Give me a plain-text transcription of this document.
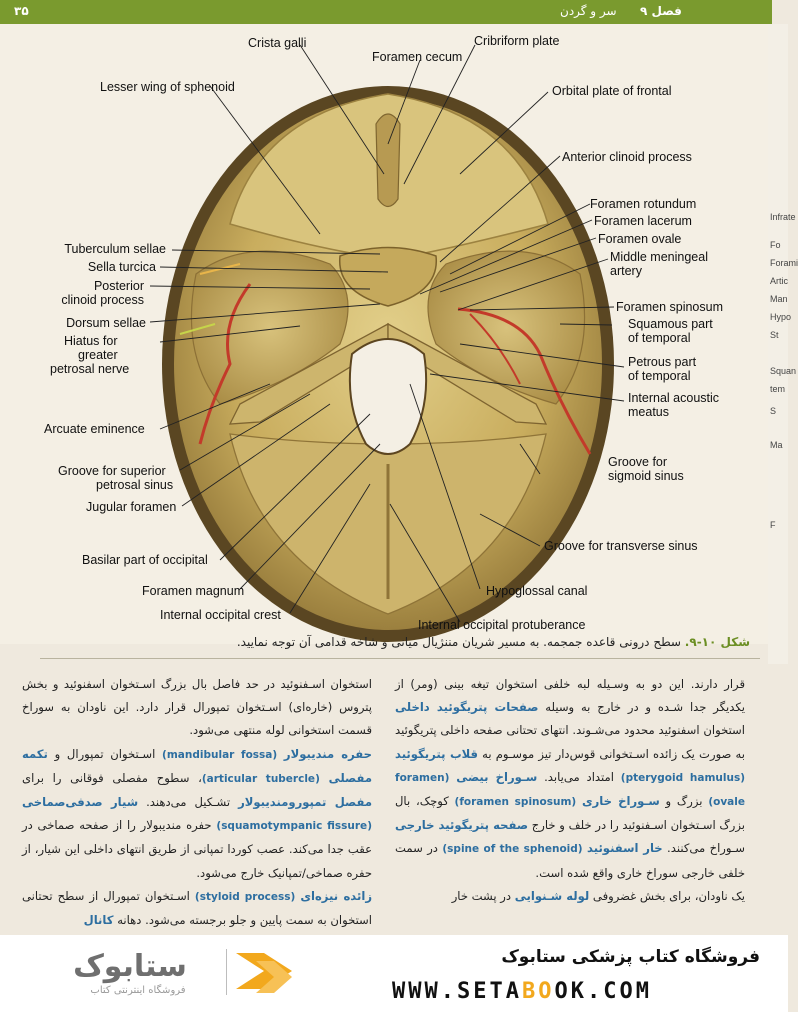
فصل ۹
سر و گردن
۳۵
Infrate
Fo
Forami
Artic
Man
Hypo
St
Squan
tem
S
Ma
F
Crista galli
Foramen cecum
Cribriform plate
Lesser wing of sphenoid	Orbital plate of frontal
Anterior clinoid process
Foramen rotundum
Foramen lacerum
Foramen ovale
Middle meningeal
artery
Tuberculum sellae
Sella turcica
Posterior
clinoid process
Dorsum sellae
Foramen spinosum
Squamous part
of temporal
Hiatus for
greater
petrosal nerve	Petrous part
of temporal
Internal acoustic
meatus
Arcuate eminence
Groove for
sigmoid sinus
Groove for superior
petrosal sinus
Jugular foramen
Groove for transverse sinus
Basilar part of occipital
Foramen magnum	Hypoglossal canal
Internal occipital crest
Internal occipital protuberance
شکل ۱۰-۹. سطح درونی قاعده جمجمه. به مسیر شریان مننژیال میانی و شاخه قدامی آن توجه نمایید.

قرار دارند. این دو به وسـیله لبه خلفی استخوان تیغه بینی (ومر) از یکدیگر جدا شـده و در خارج به وسیله صفحات پتریگوئید داخلی استخوان اسفنوئید محدود می‌شـوند. انتهای تحتانی صفحه داخلی پتریگوئید به صورت یک زائده اسـتخوانی قوس‌دار تیز موسـوم به قلاب پتریگوئید (pterygoid hamulus) امتداد می‌یابد. سـوراخ بیضی (foramen ovale) بزرگ و سـوراخ خاری (foramen spinosum) کوچک، بال بزرگ اسـتخوان اسـفنوئید را در خلف و خارج صفحه پتریگوئید خارجی سـوراخ می‌کنند. خار اسفنوئید (spine of the sphenoid) در سمت خلفی خارجی سوراخ خاری واقع شده است.
یک ناودان، برای بخش غضروفی لوله شـنوایی در پشت خار

استخوان اسـفنوئید در حد فاصل بال بزرگ اسـتخوان اسفنوئید و بخش پتروس (خاره‌ای) اسـتخوان تمپورال قرار دارد. این ناودان به سوراخ قسمت استخوانی لوله منتهی می‌شود.
حفره مندیبولار (mandibular fossa) اسـتخوان تمپورال و تکمه مفصلی (articular tubercle)، سطوح مفصلی فوقانی را برای مفصل تمپورومندیبولار تشـکیل می‌دهند. شیار صدفی‌صماخی (squamotympanic fissure) حفره مندیبولار را از صفحه صماخی در عقب جدا می‌کند. عصب کوردا تمپانی از طریق انتهای داخلی این شیار، از حفره صماخی/تمپانیک خارج می‌شود.
زائده نیزه‌ای (styloid process) اسـتخوان تمپورال از سطح تحتانی استخوان به سمت پایین و جلو برجسته می‌شود. دهانه کانال

ستابوک
فروشگاه اینترنتی کتاب
فروشگاه کتاب پزشکی ستابوک
WWW.SETABOOK.COM
